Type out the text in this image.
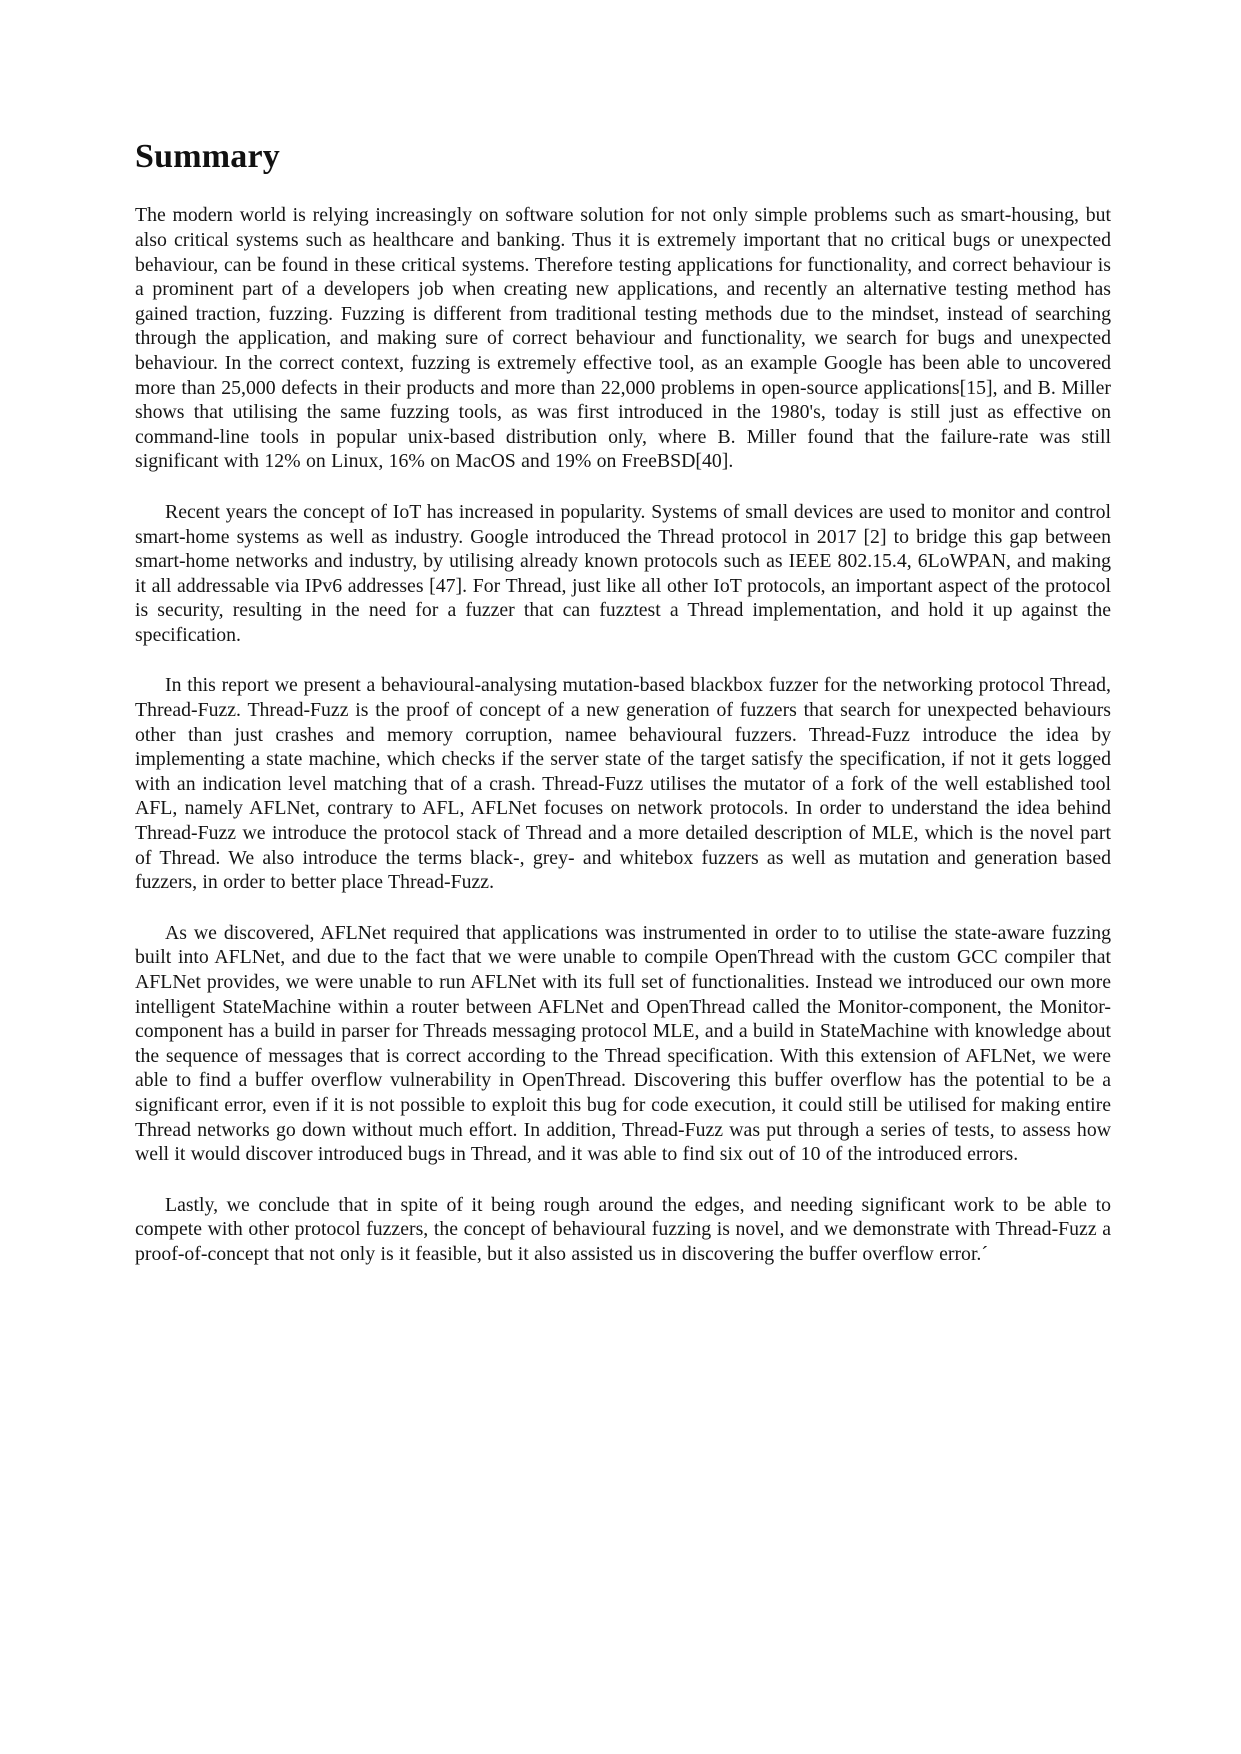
Summary

The modern world is relying increasingly on software solution for not only simple problems such as smart-housing, but also critical systems such as healthcare and banking. Thus it is extremely important that no critical bugs or unexpected behaviour, can be found in these critical systems. Therefore testing applications for functionality, and correct behaviour is a prominent part of a developers job when creating new applications, and recently an alternative testing method has gained traction, fuzzing. Fuzzing is different from traditional testing methods due to the mindset, instead of searching through the application, and making sure of correct behaviour and functionality, we search for bugs and unexpected behaviour. In the correct context, fuzzing is extremely effective tool, as an example Google has been able to uncovered more than 25,000 defects in their products and more than 22,000 problems in open-source applications[15], and B. Miller shows that utilising the same fuzzing tools, as was first introduced in the 1980's, today is still just as effective on command-line tools in popular unix-based distribution only, where B. Miller found that the failure-rate was still significant with 12% on Linux, 16% on MacOS and 19% on FreeBSD[40].

Recent years the concept of IoT has increased in popularity. Systems of small devices are used to monitor and control smart-home systems as well as industry. Google introduced the Thread protocol in 2017 [2] to bridge this gap between smart-home networks and industry, by utilising already known protocols such as IEEE 802.15.4, 6LoWPAN, and making it all addressable via IPv6 addresses [47]. For Thread, just like all other IoT protocols, an important aspect of the protocol is security, resulting in the need for a fuzzer that can fuzztest a Thread implementation, and hold it up against the specification.

In this report we present a behavioural-analysing mutation-based blackbox fuzzer for the networking protocol Thread, Thread-Fuzz. Thread-Fuzz is the proof of concept of a new generation of fuzzers that search for unexpected behaviours other than just crashes and memory corruption, namee behavioural fuzzers. Thread-Fuzz introduce the idea by implementing a state machine, which checks if the server state of the target satisfy the specification, if not it gets logged with an indication level matching that of a crash. Thread-Fuzz utilises the mutator of a fork of the well established tool AFL, namely AFLNet, contrary to AFL, AFLNet focuses on network protocols. In order to understand the idea behind Thread-Fuzz we introduce the protocol stack of Thread and a more detailed description of MLE, which is the novel part of Thread. We also introduce the terms black-, grey- and whitebox fuzzers as well as mutation and generation based fuzzers, in order to better place Thread-Fuzz.

As we discovered, AFLNet required that applications was instrumented in order to to utilise the state-aware fuzzing built into AFLNet, and due to the fact that we were unable to compile OpenThread with the custom GCC compiler that AFLNet provides, we were unable to run AFLNet with its full set of functionalities. Instead we introduced our own more intelligent StateMachine within a router between AFLNet and OpenThread called the Monitor-component, the Monitor-component has a build in parser for Threads messaging protocol MLE, and a build in StateMachine with knowledge about the sequence of messages that is correct according to the Thread specification. With this extension of AFLNet, we were able to find a buffer overflow vulnerability in OpenThread. Discovering this buffer overflow has the potential to be a significant error, even if it is not possible to exploit this bug for code execution, it could still be utilised for making entire Thread networks go down without much effort. In addition, Thread-Fuzz was put through a series of tests, to assess how well it would discover introduced bugs in Thread, and it was able to find six out of 10 of the introduced errors.

Lastly, we conclude that in spite of it being rough around the edges, and needing significant work to be able to compete with other protocol fuzzers, the concept of behavioural fuzzing is novel, and we demonstrate with Thread-Fuzz a proof-of-concept that not only is it feasible, but it also assisted us in discovering the buffer overflow error.´
